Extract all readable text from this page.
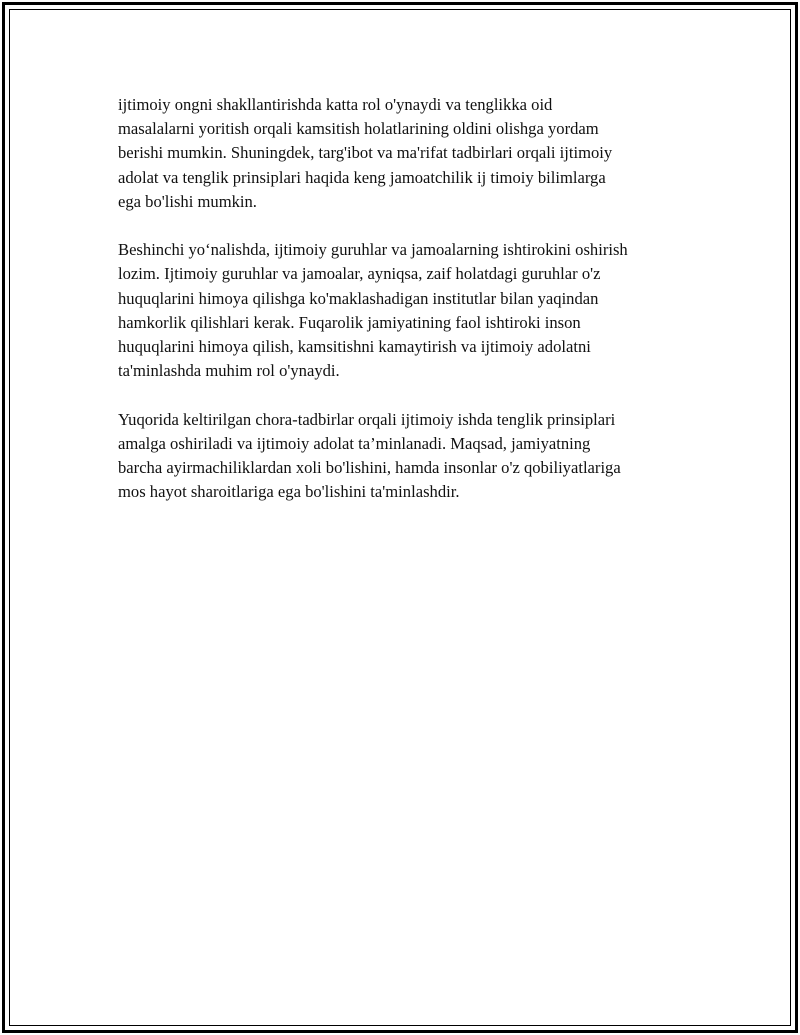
ijtimoiy ongni shakllantirishda katta rol o'ynaydi va tenglikka oid
masalalarni yoritish orqali kamsitish holatlarining oldini olishga yordam
berishi mumkin. Shuningdek, targ'ibot va ma'rifat tadbirlari orqali ijtimoiy
adolat va tenglik prinsiplari haqida keng jamoatchilik ij timoiy bilimlarga
ega bo'lishi mumkin.

Beshinchi yo‘nalishda, ijtimoiy guruhlar va jamoalarning ishtirokini oshirish
lozim. Ijtimoiy guruhlar va jamoalar, ayniqsa, zaif holatdagi guruhlar o'z
huquqlarini himoya qilishga ko'maklashadigan institutlar bilan yaqindan
hamkorlik qilishlari kerak. Fuqarolik jamiyatining faol ishtiroki inson
huquqlarini himoya qilish, kamsitishni kamaytirish va ijtimoiy adolatni
ta'minlashda muhim rol o'ynaydi.

Yuqorida keltirilgan chora-tadbirlar orqali ijtimoiy ishda tenglik prinsiplari
amalga oshiriladi va ijtimoiy adolat ta’minlanadi. Maqsad, jamiyatning
barcha ayirmachiliklardan xoli bo'lishini, hamda insonlar o'z qobiliyatlariga
mos hayot sharoitlariga ega bo'lishini ta'minlashdir.
